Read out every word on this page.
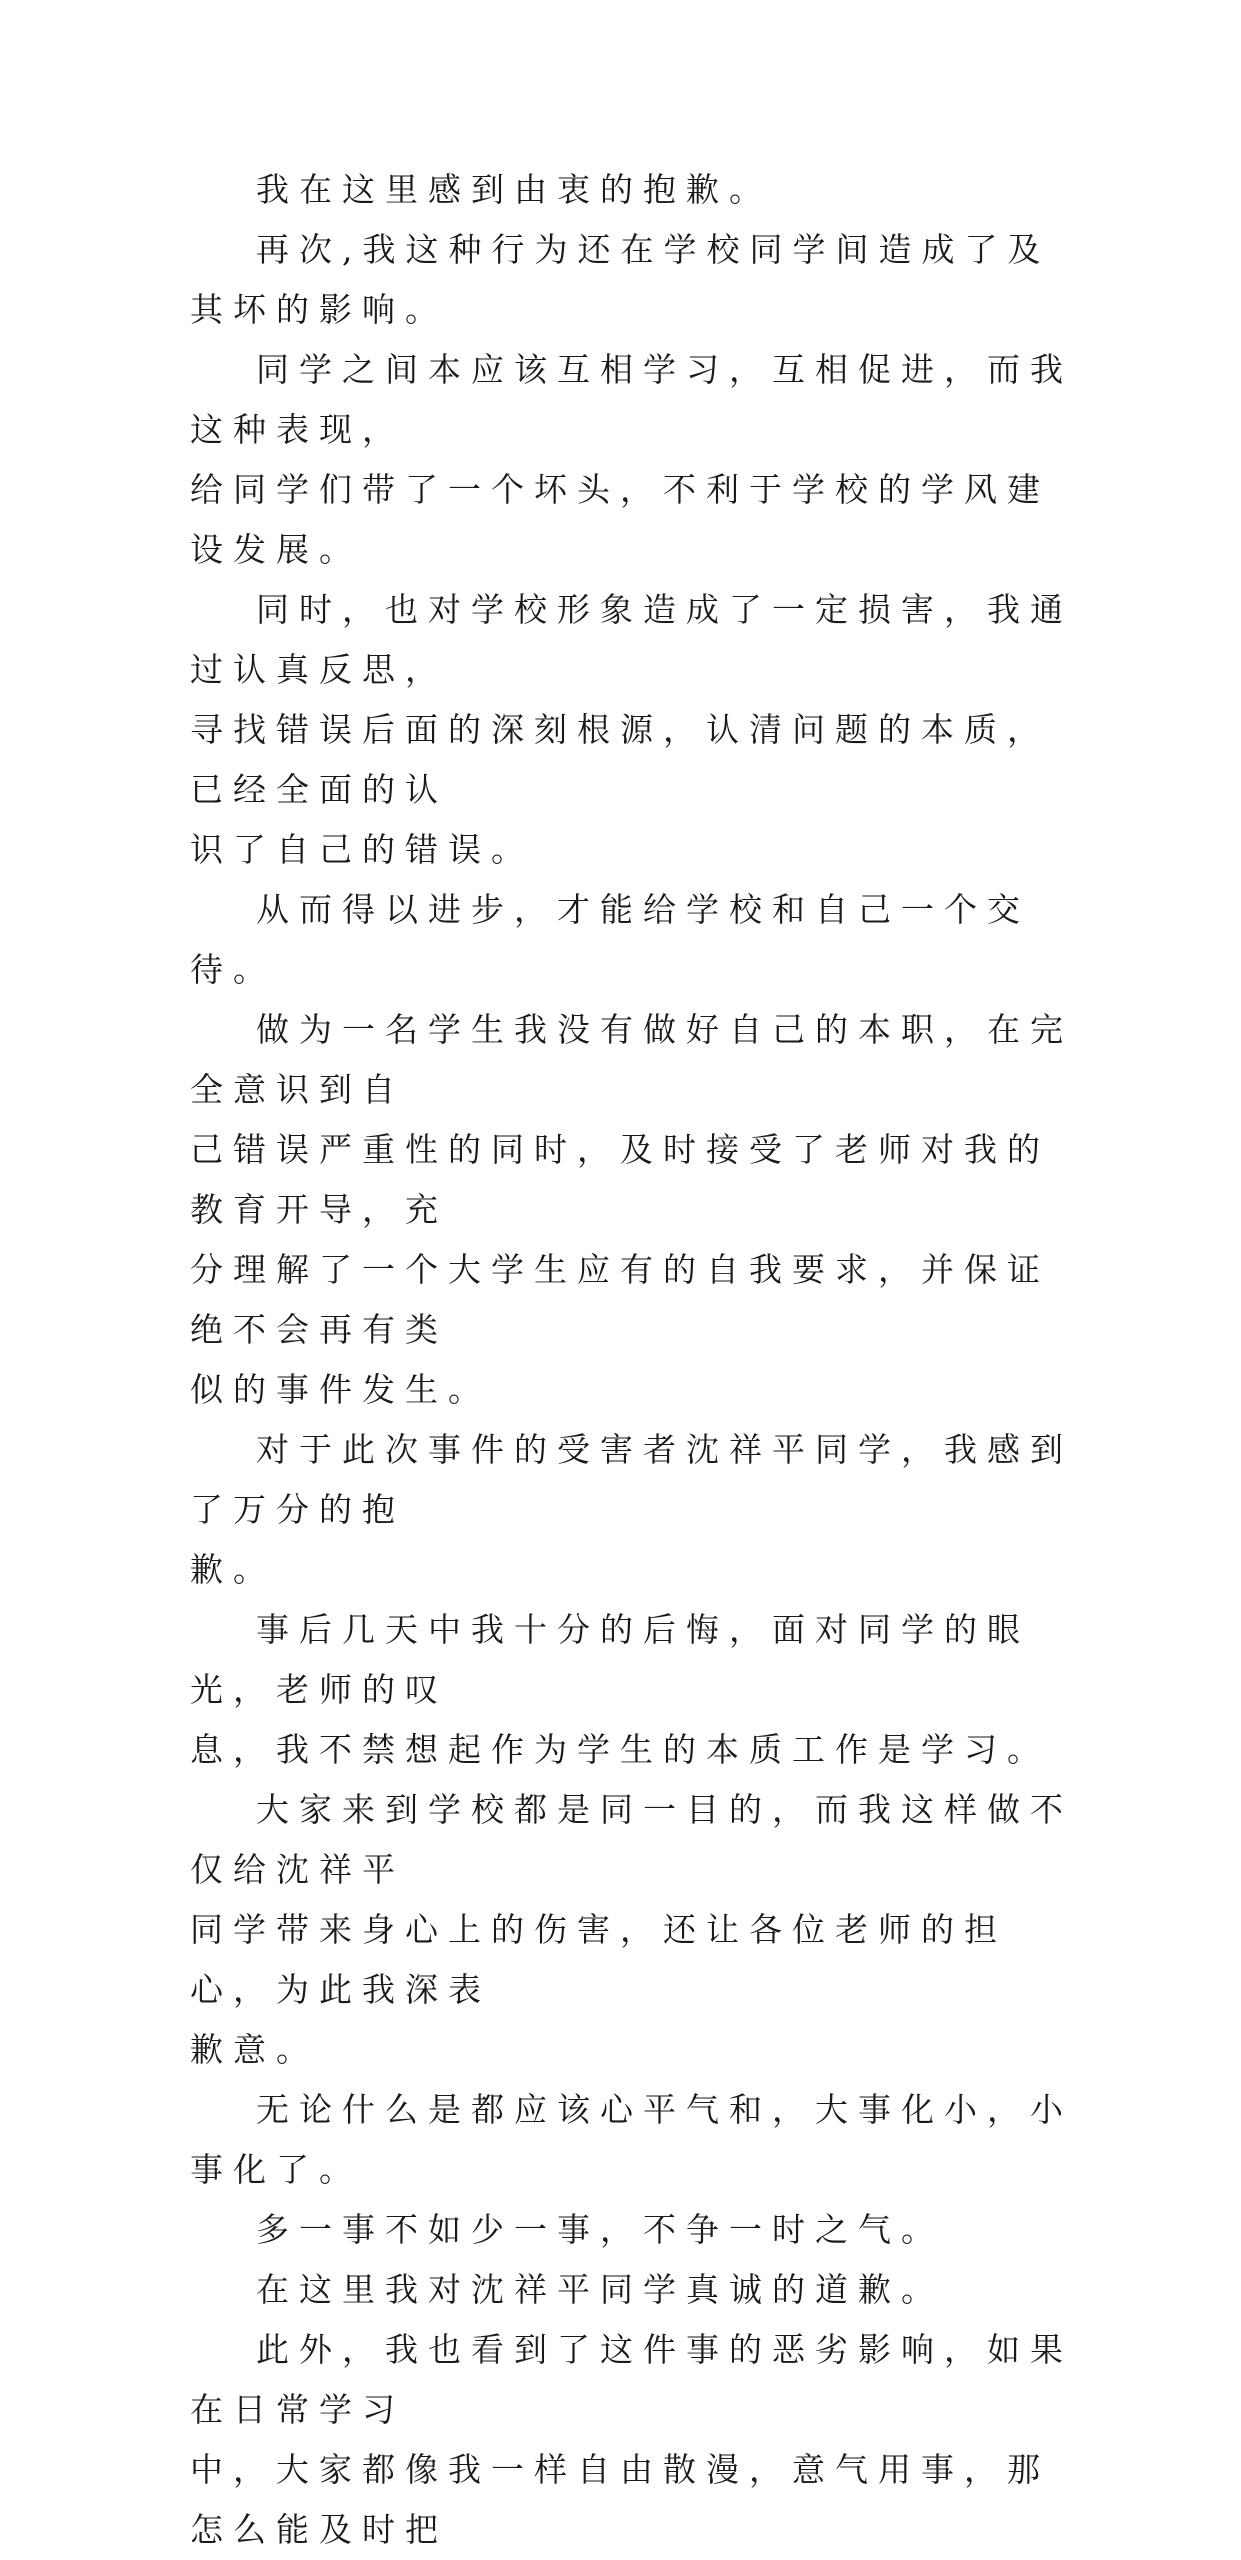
我在这里感到由衷的抱歉。

再次,我这种行为还在学校同学间造成了及其坏的影响。

同学之间本应该互相学习，互相促进，而我这种表现，
给同学们带了一个坏头，不利于学校的学风建设发展。

同时，也对学校形象造成了一定损害，我通过认真反思，
寻找错误后面的深刻根源，认清问题的本质，已经全面的认
识了自己的错误。

从而得以进步，才能给学校和自己一个交待。

做为一名学生我没有做好自己的本职，在完全意识到自
己错误严重性的同时，及时接受了老师对我的教育开导，充
分理解了一个大学生应有的自我要求，并保证绝不会再有类
似的事件发生。

对于此次事件的受害者沈祥平同学，我感到了万分的抱
歉。

事后几天中我十分的后悔，面对同学的眼光，老师的叹
息，我不禁想起作为学生的本质工作是学习。

大家来到学校都是同一目的，而我这样做不仅给沈祥平
同学带来身心上的伤害，还让各位老师的担心，为此我深表
歉意。

无论什么是都应该心平气和，大事化小，小事化了。

多一事不如少一事，不争一时之气。

在这里我对沈祥平同学真诚的道歉。

此外，我也看到了这件事的恶劣影响，如果在日常学习
中，大家都像我一样自由散漫，意气用事，那怎么能及时把
